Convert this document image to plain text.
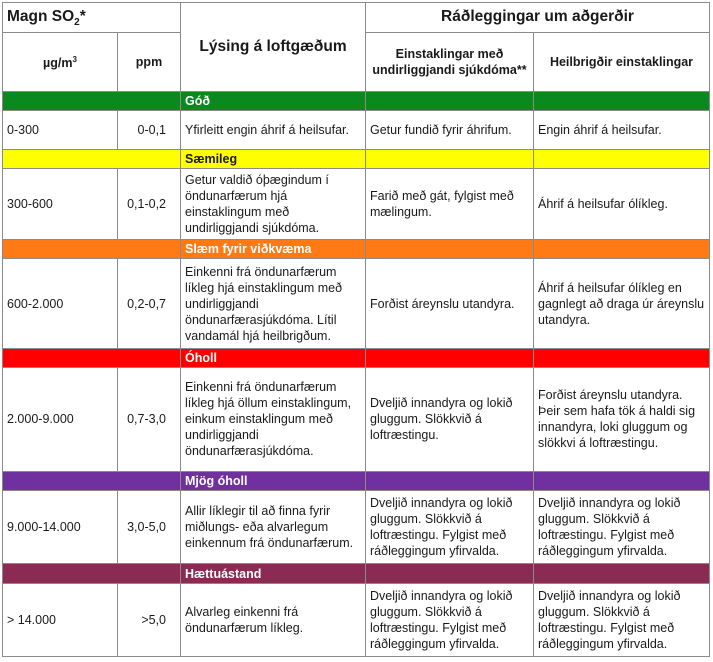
Magn $SO_2*$		Lýsing á loftgæðum	Ráðleggingar um aðgerðir	
$\mu g/m^3$	ppm		Einstaklingar með undirliggjandi sjúkdóma**	Heilbrigðir einstaklingar
		Góð		
0-300	0-0,1	Yfirleitt engin áhrif á heilsufar.	Getur fundið fyrir áhrifum.	Engin áhrif á heilsufar.
		Sæmileg		
300-600	0,1-0,2	Getur valdið óþægindum í öndunarfærum hjá einstaklingum með undirliggjandi sjúkdóma.	Farið með gát, fylgist með mælingum.	Áhrif á heilsufar ólíkleg.
		Slæm fyrir viðkvæma		
600-2.000	0,2-0,7	Einkenni frá öndunarfærum líkleg hjá einstaklingum með undirliggjandi öndunarfærasjúkdóma. Lítil vandamál hjá heilbrigðum.	Forðist áreynslu utandyra.	Áhrif á heilsufar ólíkleg en gagnlegt að draga úr áreynslu utandyra.
		Óholl		
2.000-9.000	0,7-3,0	Einkenni frá öndunarfærum líkleg hjá öllum einstaklingum, einkum einstaklingum með undirliggjandi öndunarfærasjúkdóma.	Dveljið innandyra og lokið gluggum. Slökkvið á loftræstingu.	Forðist áreynslu utandyra. Þeir sem hafa tök á haldi sig innandyra, loki gluggum og slökkvi á loftræstingu.
		Mjög óholl		
9.000-14.000	3,0-5,0	Allir líklegir til að finna fyrir miðlungs- eða alvarlegum einkennum frá öndunarfærum.	Dveljið innandyra og lokið gluggum. Slökkvið á loftræstingu. Fylgist með ráðleggingum yfirvalda.	Dveljið innandyra og lokið gluggum. Slökkvið á loftræstingu. Fylgist með ráðleggingum yfirvalda.
		Hættuástand		
> 14.000	>5,0	Alvarleg einkenni frá öndunarfærum líkleg.	Dveljið innandyra og lokið gluggum. Slökkvið á loftræstingu. Fylgist með ráðleggingum yfirvalda.	Dveljið innandyra og lokið gluggum. Slökkvið á loftræstingu. Fylgist með ráðleggingum yfirvalda.
